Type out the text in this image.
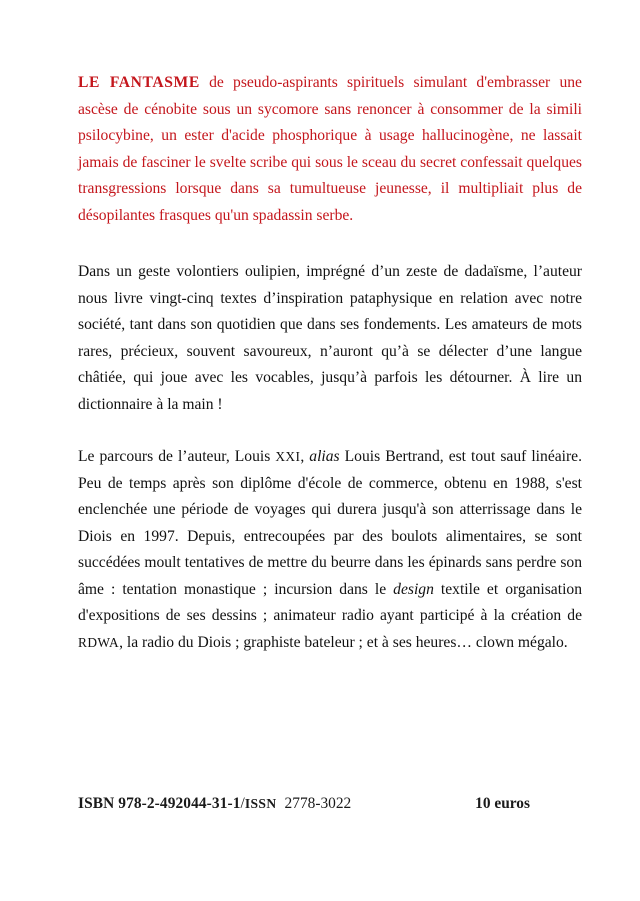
LE FANTASME de pseudo-aspirants spirituels simulant d'embrasser une ascèse de cénobite sous un sycomore sans renoncer à consommer de la simili psilocybine, un ester d'acide phosphorique à usage hallucinogène, ne lassait jamais de fasciner le svelte scribe qui sous le sceau du secret confessait quelques transgressions lorsque dans sa tumultueuse jeunesse, il multipliait plus de désopilantes frasques qu'un spadassin serbe.

Dans un geste volontiers oulipien, imprégné d’un zeste de dadaïsme, l’auteur nous livre vingt-cinq textes d’inspiration pataphysique en relation avec notre société, tant dans son quotidien que dans ses fondements. Les amateurs de mots rares, précieux, souvent savoureux, n’auront qu’à se délecter d’une langue châtiée, qui joue avec les vocables, jusqu’à parfois les détourner. À lire un dictionnaire à la main !

Le parcours de l’auteur, Louis XXI, alias Louis Bertrand, est tout sauf linéaire. Peu de temps après son diplôme d'école de commerce, obtenu en 1988, s'est enclenchée une période de voyages qui durera jusqu'à son atterrissage dans le Diois en 1997. Depuis, entrecoupées par des boulots alimentaires, se sont succédées moult tentatives de mettre du beurre dans les épinards sans perdre son âme : tentation monastique ; incursion dans le design textile et organisation d'expositions de ses dessins ; animateur radio ayant participé à la création de RDWA, la radio du Diois ; graphiste bateleur ; et à ses heures… clown mégalo.

ISBN 978-2-492044-31-1/ISSN 2778-3022	10 euros
